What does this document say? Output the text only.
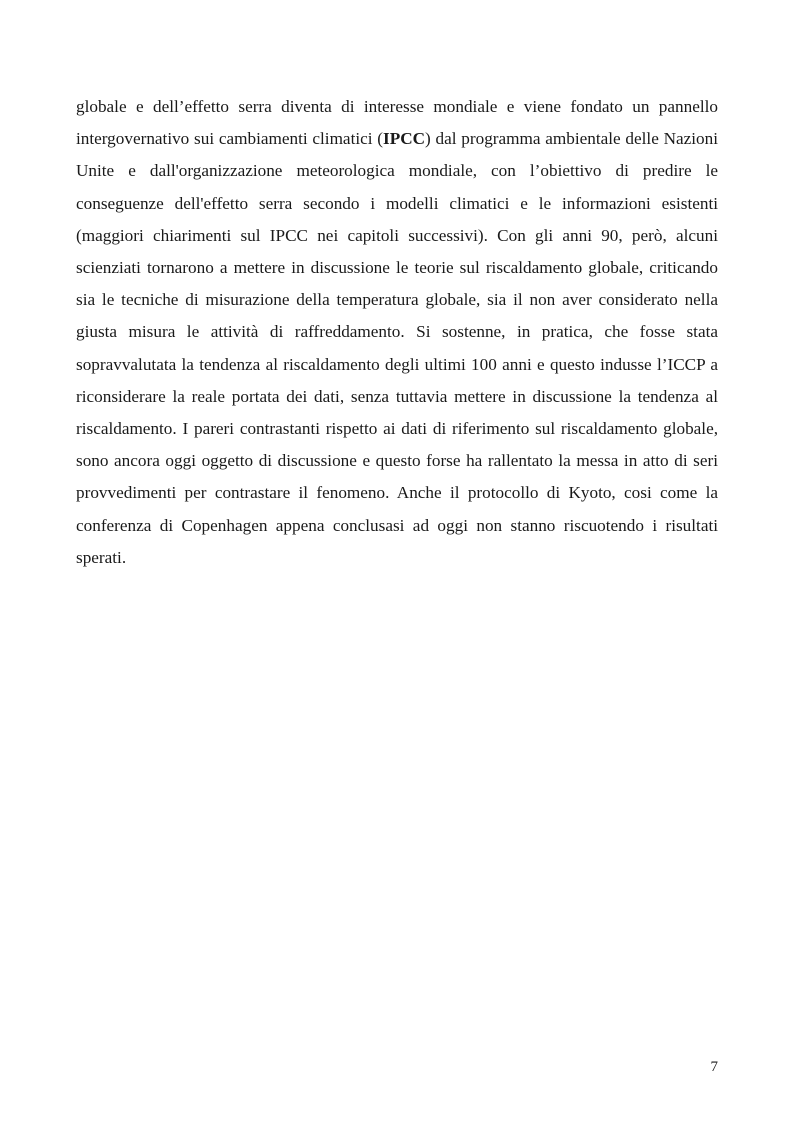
globale e dell’effetto serra diventa di interesse mondiale e viene fondato un pannello intergovernativo sui cambiamenti climatici (IPCC) dal programma ambientale delle Nazioni Unite e dall'organizzazione meteorologica mondiale, con l’obiettivo di predire le conseguenze dell'effetto serra secondo i modelli climatici e le informazioni esistenti (maggiori chiarimenti sul IPCC nei capitoli successivi). Con gli anni 90, però, alcuni scienziati tornarono a mettere in discussione le teorie sul riscaldamento globale, criticando sia le tecniche di misurazione della temperatura globale, sia il non aver considerato nella giusta misura le attività di raffreddamento. Si sostenne, in pratica, che fosse stata sopravvalutata la tendenza al riscaldamento degli ultimi 100 anni e questo indusse l’ICCP a riconsiderare la reale portata dei dati, senza tuttavia mettere in discussione la tendenza al riscaldamento. I pareri contrastanti rispetto ai dati di riferimento sul riscaldamento globale, sono ancora oggi oggetto di discussione e questo forse ha rallentato la messa in atto di seri provvedimenti per contrastare il fenomeno. Anche il protocollo di Kyoto, cosi come la conferenza di Copenhagen appena conclusasi ad oggi non stanno riscuotendo i risultati sperati.

7
